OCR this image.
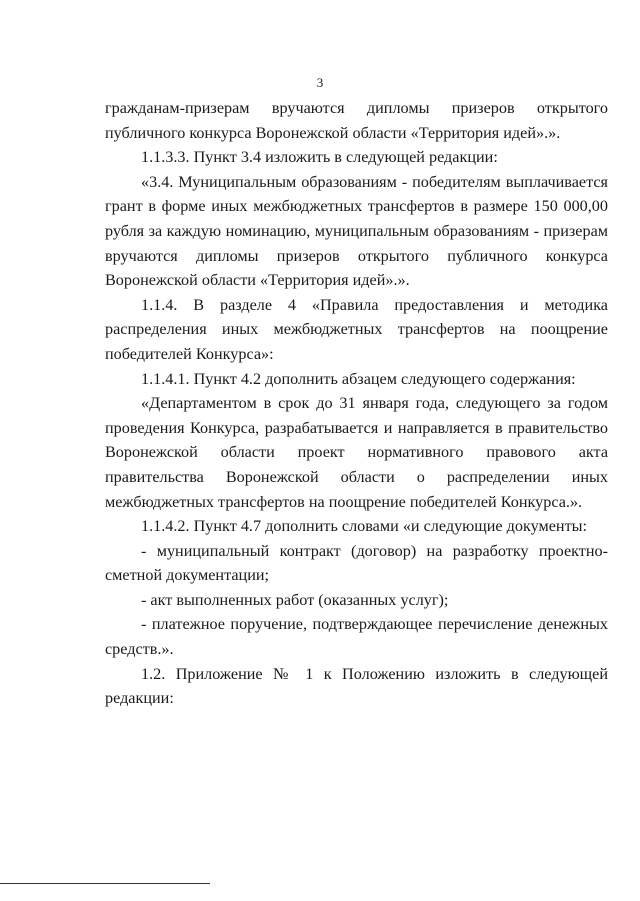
3

гражданам-призерам вручаются дипломы призеров открытого публичного конкурса Воронежской области «Территория идей».».

1.1.3.3. Пункт 3.4 изложить в следующей редакции:

«3.4. Муниципальным образованиям - победителям выплачивается грант в форме иных межбюджетных трансфертов в размере 150 000,00 рубля за каждую номинацию, муниципальным образованиям - призерам вручаются дипломы призеров открытого публичного конкурса Воронежской области «Территория идей».».

1.1.4. В разделе 4 «Правила предоставления и методика распределения иных межбюджетных трансфертов на поощрение победителей Конкурса»:

1.1.4.1. Пункт 4.2 дополнить абзацем следующего содержания:

«Департаментом в срок до 31 января года, следующего за годом проведения Конкурса, разрабатывается и направляется в правительство Воронежской области проект нормативного правового акта правительства Воронежской области о распределении иных межбюджетных трансфертов на поощрение победителей Конкурса.».

1.1.4.2. Пункт 4.7 дополнить словами «и следующие документы:

- муниципальный контракт (договор) на разработку проектно-сметной документации;

- акт выполненных работ (оказанных услуг);

- платежное поручение, подтверждающее перечисление денежных средств.».

1.2. Приложение № 1 к Положению изложить в следующей редакции:
